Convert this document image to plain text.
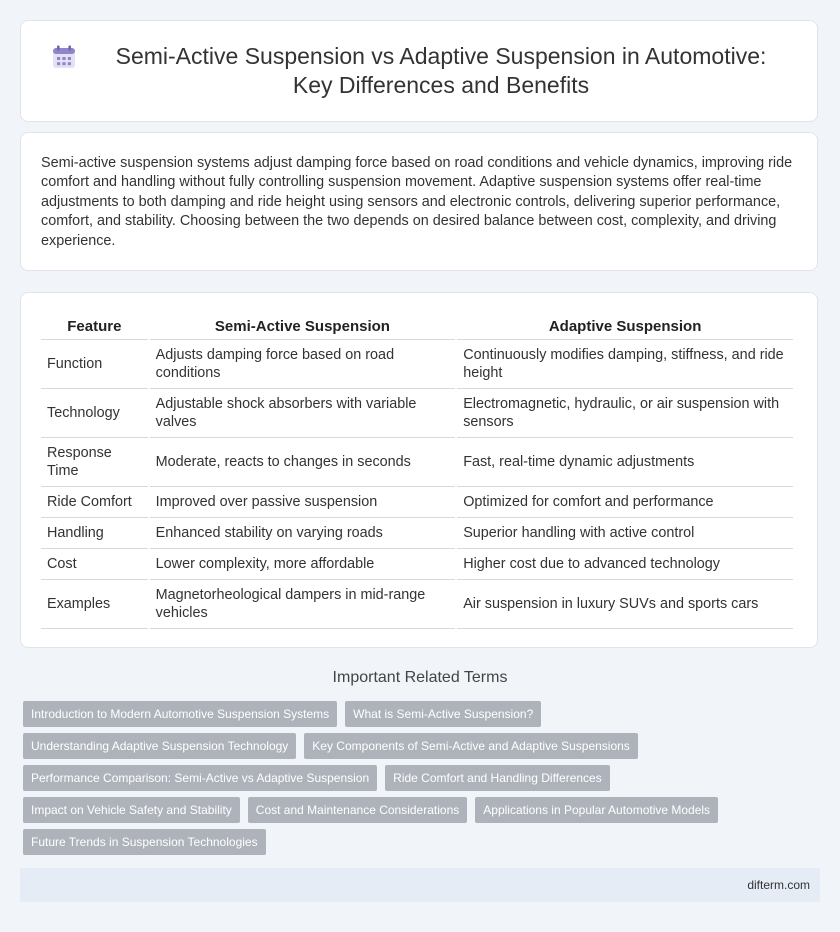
Semi-Active Suspension vs Adaptive Suspension in Automotive: Key Differences and Benefits

Semi-active suspension systems adjust damping force based on road conditions and vehicle dynamics, improving ride comfort and handling without fully controlling suspension movement. Adaptive suspension systems offer real-time adjustments to both damping and ride height using sensors and electronic controls, delivering superior performance, comfort, and stability. Choosing between the two depends on desired balance between cost, complexity, and driving experience.

Feature	Semi-Active Suspension	Adaptive Suspension
Function	Adjusts damping force based on road conditions	Continuously modifies damping, stiffness, and ride height
Technology	Adjustable shock absorbers with variable valves	Electromagnetic, hydraulic, or air suspension with sensors
Response Time	Moderate, reacts to changes in seconds	Fast, real-time dynamic adjustments
Ride Comfort	Improved over passive suspension	Optimized for comfort and performance
Handling	Enhanced stability on varying roads	Superior handling with active control
Cost	Lower complexity, more affordable	Higher cost due to advanced technology
Examples	Magnetorheological dampers in mid-range vehicles	Air suspension in luxury SUVs and sports cars
Important Related Terms
Introduction to Modern Automotive Suspension Systems	What is Semi-Active Suspension?
Understanding Adaptive Suspension Technology	Key Components of Semi-Active and Adaptive Suspensions
Performance Comparison: Semi-Active vs Adaptive Suspension	Ride Comfort and Handling Differences
Impact on Vehicle Safety and Stability	Cost and Maintenance Considerations	Applications in Popular Automotive Models
Future Trends in Suspension Technologies
difterm.com
